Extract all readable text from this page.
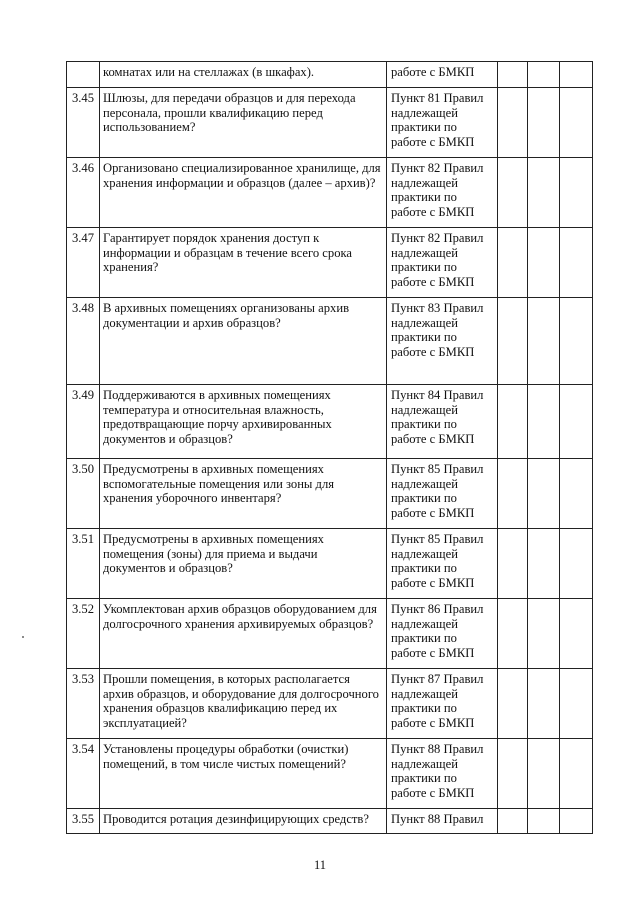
	комнатах или на стеллажах (в шкафах).	работе с БМКП			

3.45	Шлюзы, для передачи образцов и для перехода персонала, прошли квалификацию перед использованием?	Пункт 81 Правил
надлежащей
практики по
работе с БМКП			

3.46	Организовано специализированное хранилище, для хранения информации и образцов (далее – архив)?	Пункт 82 Правил
надлежащей
практики по
работе с БМКП			

3.47	Гарантирует порядок хранения доступ к информации и образцам в течение всего срока хранения?	Пункт 82 Правил
надлежащей
практики по
работе с БМКП			

3.48	В архивных помещениях организованы архив документации и архив образцов?	Пункт 83 Правил
надлежащей
практики по
работе с БМКП			

3.49	Поддерживаются в архивных помещениях температура и относительная влажность, предотвращающие порчу архивированных документов и образцов?	Пункт 84 Правил
надлежащей
практики по
работе с БМКП			

3.50	Предусмотрены в архивных помещениях вспомогательные помещения или зоны для хранения уборочного инвентаря?	Пункт 85 Правил
надлежащей
практики по
работе с БМКП			

3.51	Предусмотрены в архивных помещениях помещения (зоны) для приема и выдачи документов и образцов?	Пункт 85 Правил
надлежащей
практики по
работе с БМКП			

3.52	Укомплектован архив образцов оборудованием для долгосрочного хранения архивируемых образцов?	Пункт 86 Правил
надлежащей
практики по
работе с БМКП			

3.53	Прошли помещения, в которых располагается архив образцов, и оборудование для долгосрочного хранения образцов квалификацию перед их эксплуатацией?	Пункт 87 Правил
надлежащей
практики по
работе с БМКП			

3.54	Установлены процедуры обработки (очистки) помещений, в том числе чистых помещений?	Пункт 88 Правил
надлежащей
практики по
работе с БМКП			

3.55	Проводится ротация дезинфицирующих средств?	Пункт 88 Правил			

11
